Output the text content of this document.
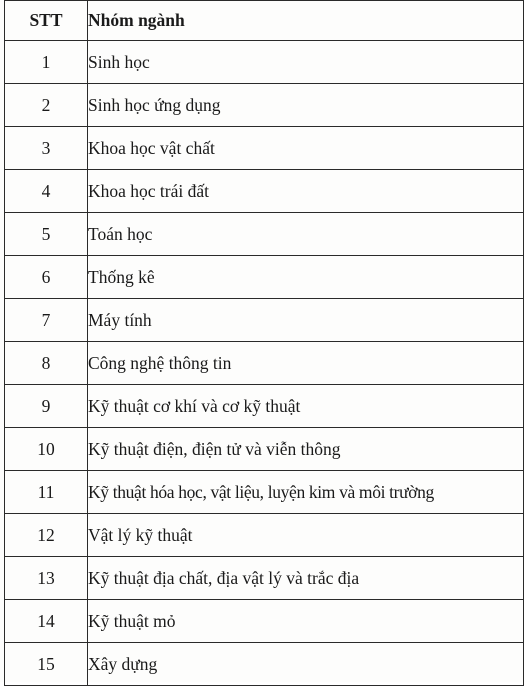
STT	Nhóm ngành
1	Sinh học
2	Sinh học ứng dụng
3	Khoa học vật chất
4	Khoa học trái đất
5	Toán học
6	Thống kê
7	Máy tính
8	Công nghệ thông tin
9	Kỹ thuật cơ khí và cơ kỹ thuật
10	Kỹ thuật điện, điện tử và viễn thông
11	Kỹ thuật hóa học, vật liệu, luyện kim và môi trường
12	Vật lý kỹ thuật
13	Kỹ thuật địa chất, địa vật lý và trắc địa
14	Kỹ thuật mỏ
15	Xây dựng
